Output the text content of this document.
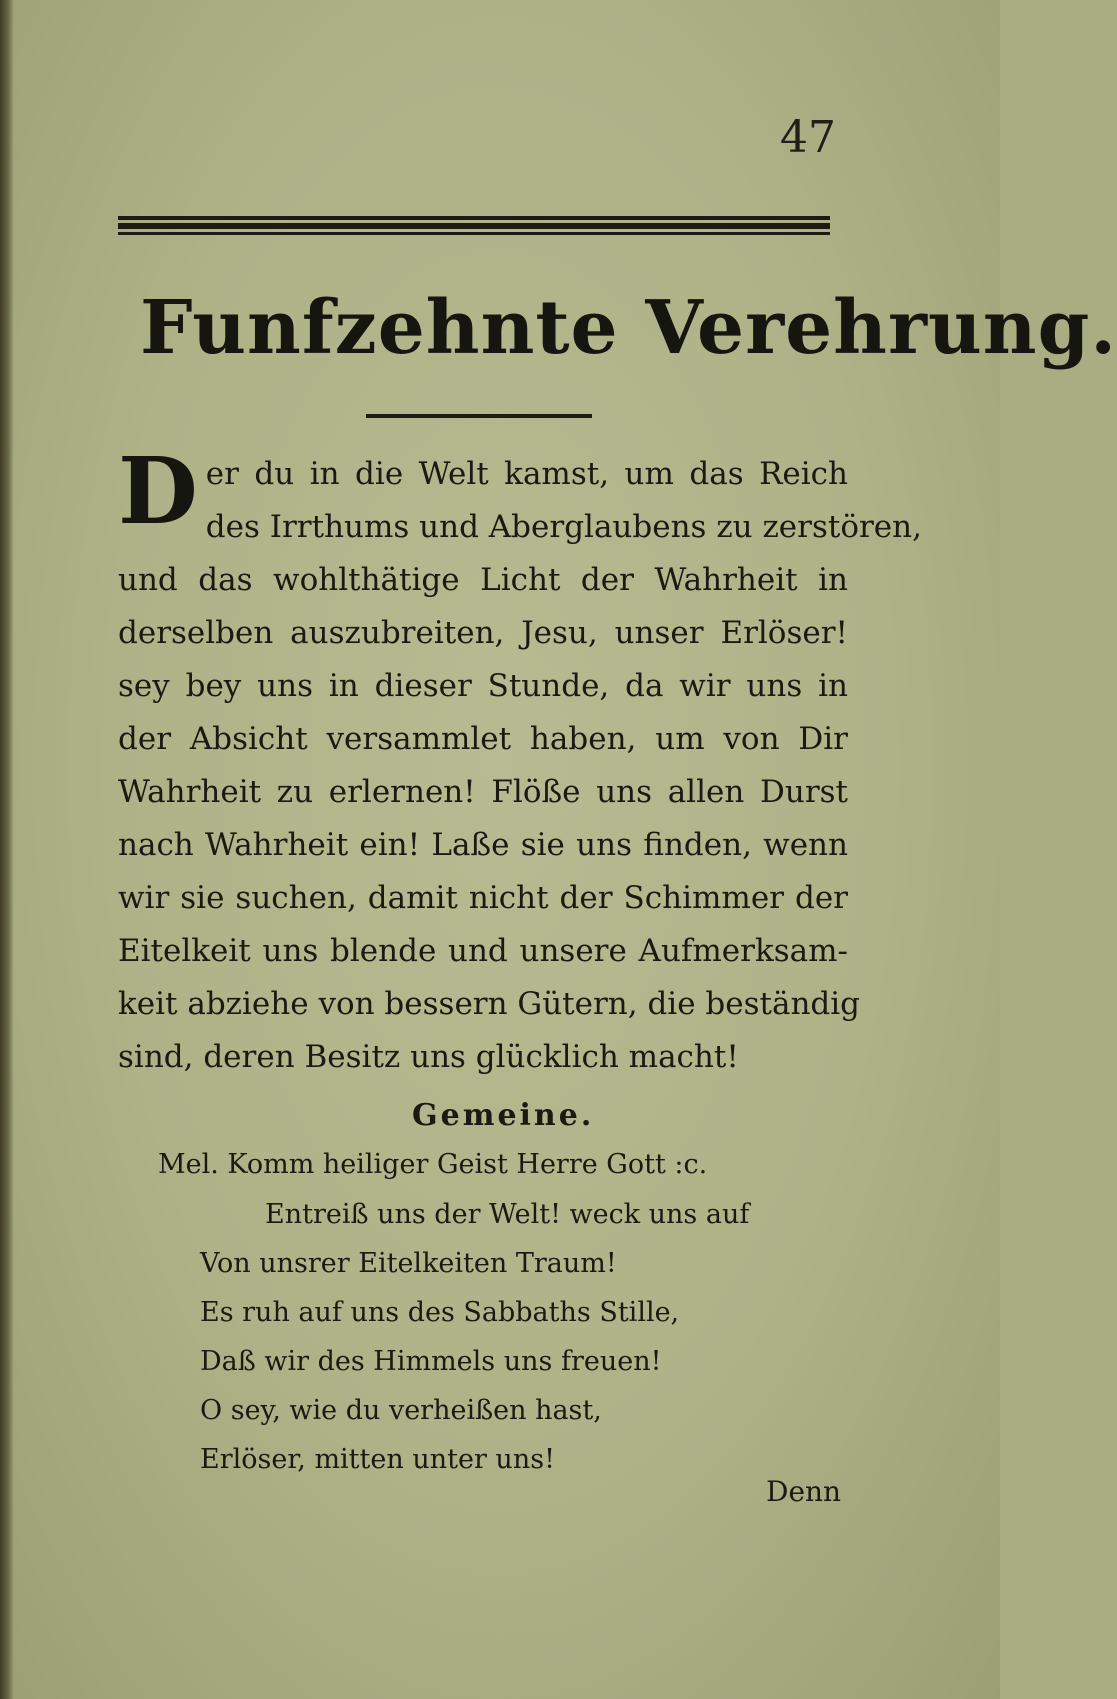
47
Funfzehnte Verehrung.
D er du in die Welt kamst, um das Reich
des Irrthums und Aberglaubens zu zerstören,
und das wohlthätige Licht der Wahrheit in
derselben auszubreiten, Jesu, unser Erlöser!
sey bey uns in dieser Stunde, da wir uns in
der Absicht versammlet haben, um von Dir
Wahrheit zu erlernen! Flöße uns allen Durst
nach Wahrheit ein! Laße sie uns finden, wenn
wir sie suchen, damit nicht der Schimmer der
Eitelkeit uns blende und unsere Aufmerksam-
keit abziehe von bessern Gütern, die beständig
sind, deren Besitz uns glücklich macht!
Gemeine.
Mel. Komm heiliger Geist Herre Gott :c.
Entreiß uns der Welt! weck uns auf
Von unsrer Eitelkeiten Traum!
Es ruh auf uns des Sabbaths Stille,
Daß wir des Himmels uns freuen!
O sey, wie du verheißen hast,
Erlöser, mitten unter uns!
Denn
